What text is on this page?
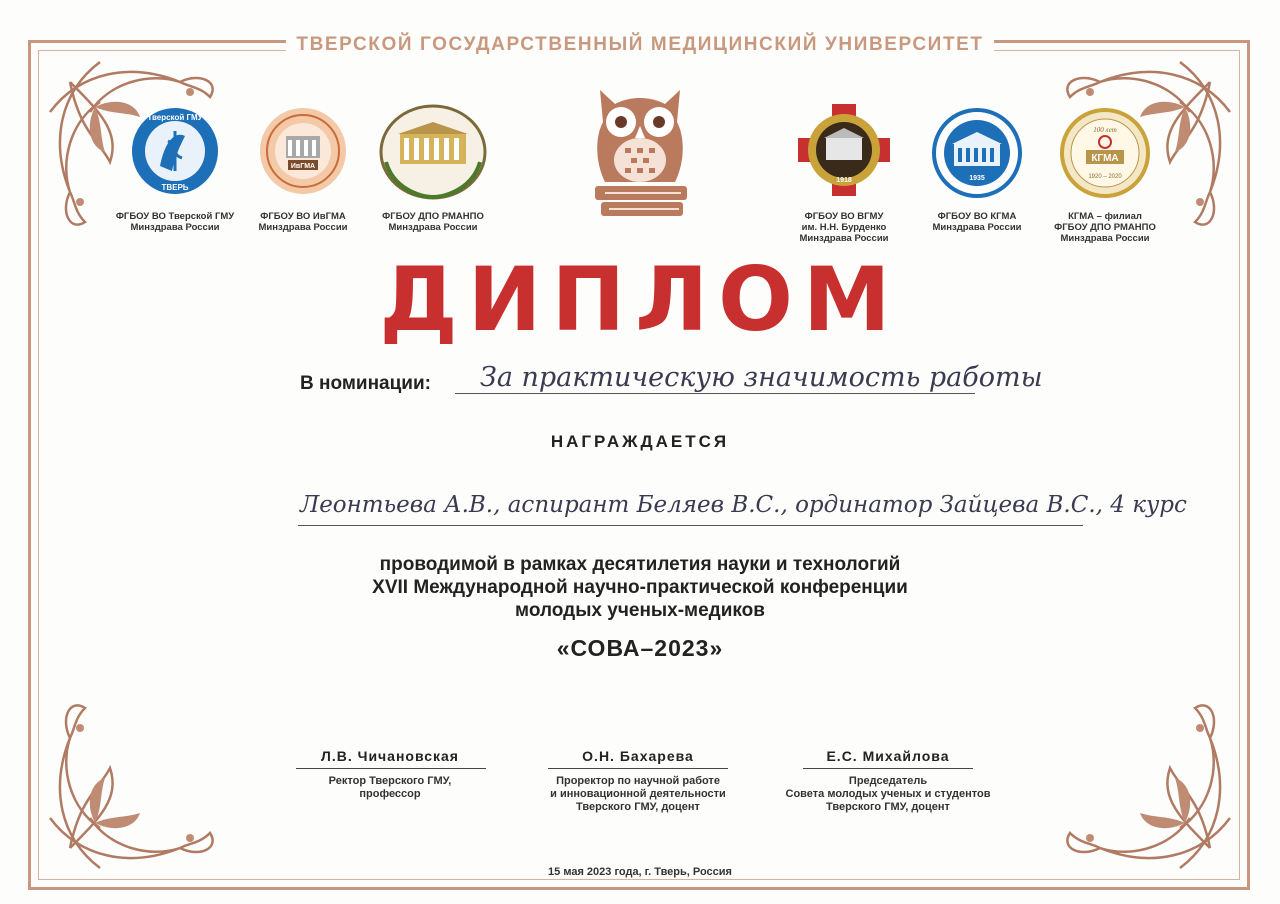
ТВЕРСКОЙ ГОСУДАРСТВЕННЫЙ МЕДИЦИНСКИЙ УНИВЕРСИТЕТ
Тверской ГМУ
ТВЕРЬ
ФГБОУ ВО Тверской ГМУ
Минздрава России
ИвГМА
ФГБОУ ВО ИвГМА
Минздрава России
ФГБОУ ДПО РМАНПО
Минздрава России
1918
ФГБОУ ВО ВГМУ
им. Н.Н. Бурденко
Минздрава России
1935
ФГБОУ ВО КГМА
Минздрава России
100 лет
КГМА
1920 – 2020
КГМА – филиал
ФГБОУ ДПО РМАНПО
Минздрава России
ДИПЛОМ
В номинации: За практическую значимость работы
НАГРАЖДАЕТСЯ
Леонтьева А.В., аспирант Беляев В.С., ординатор Зайцева В.С., 4 курс
проводимой в рамках десятилетия науки и технологий
XVII Международной научно-практической конференции
молодых ученых-медиков
«СОВА–2023»
Л.В. Чичановская
Ректор Тверского ГМУ,
профессор
О.Н. Бахарева
Проректор по научной работе
и инновационной деятельности
Тверского ГМУ, доцент
Е.С. Михайлова
Председатель
Совета молодых ученых и студентов
Тверского ГМУ, доцент
15 мая 2023 года, г. Тверь, Россия
